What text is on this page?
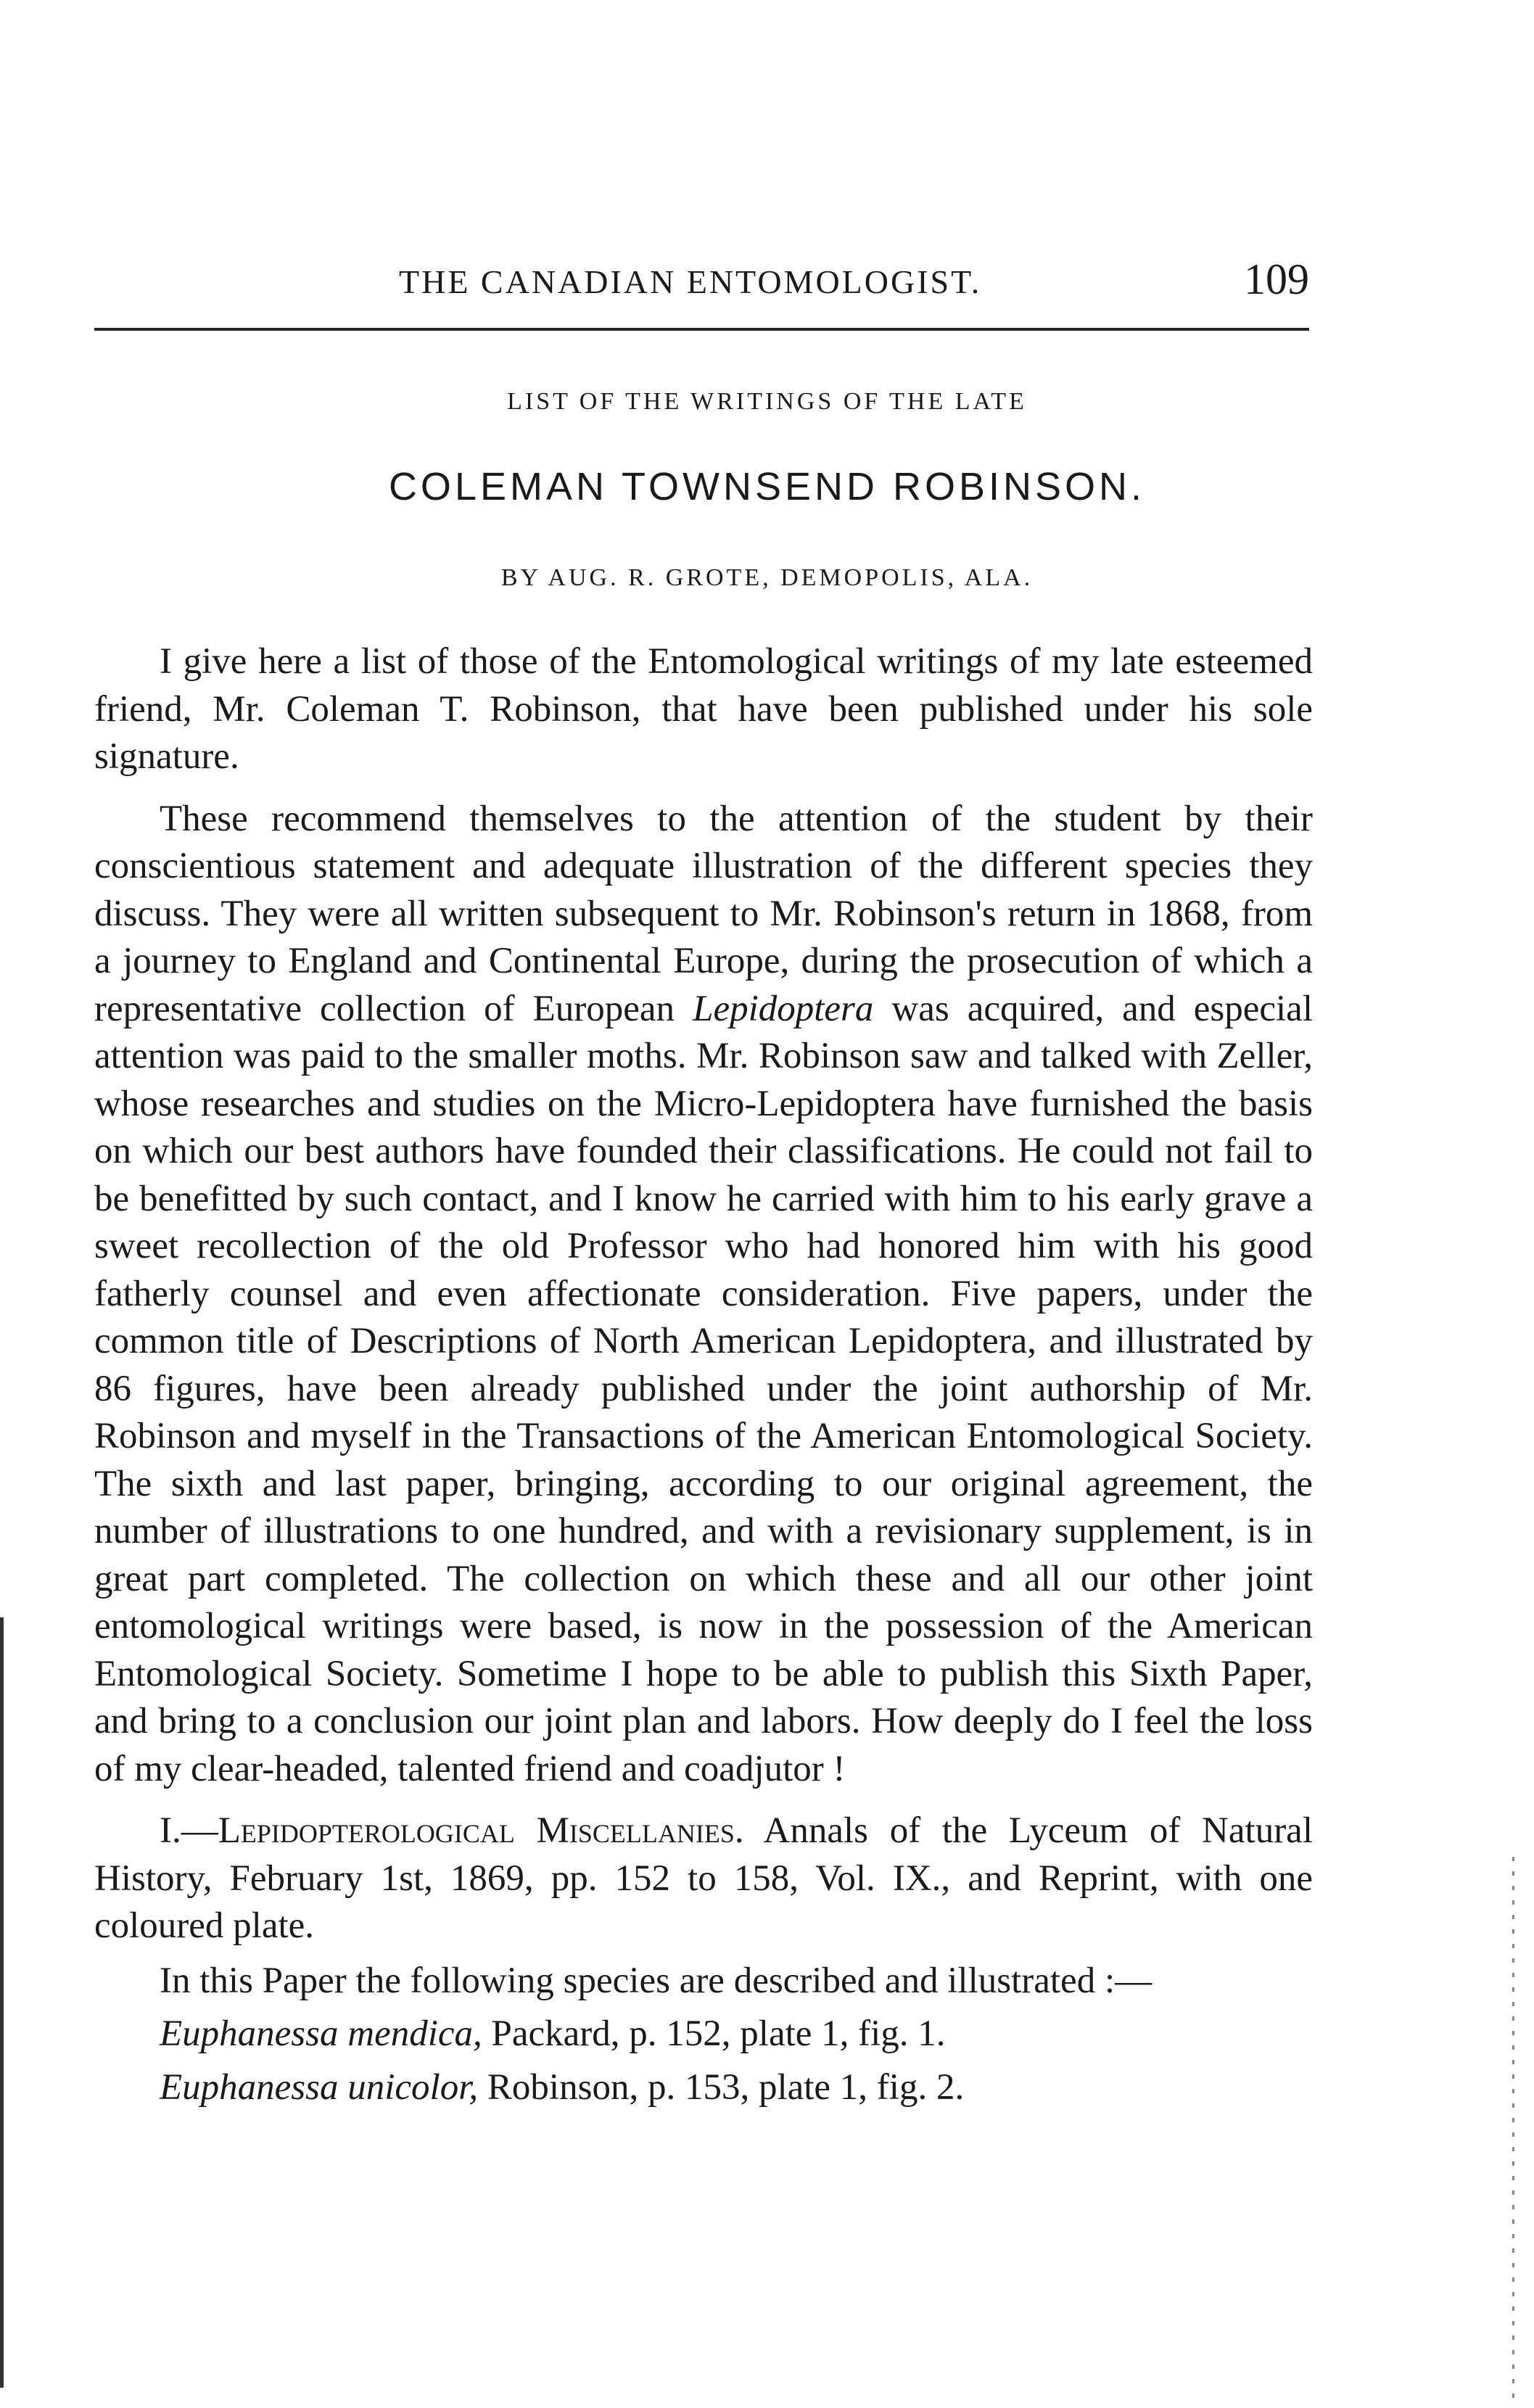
THE CANADIAN ENTOMOLOGIST.	109
LIST OF THE WRITINGS OF THE LATE
COLEMAN TOWNSEND ROBINSON.
BY AUG. R. GROTE, DEMOPOLIS, ALA.

I give here a list of those of the Entomological writings of my late esteemed friend, Mr. Coleman T. Robinson, that have been published under his sole signature.

These recommend themselves to the attention of the student by their conscientious statement and adequate illustration of the different species they discuss. They were all written subsequent to Mr. Robinson's return in 1868, from a journey to England and Continental Europe, during the prosecution of which a representative collection of European Lepidoptera was acquired, and especial attention was paid to the smaller moths. Mr. Robinson saw and talked with Zeller, whose researches and studies on the Micro-Lepidoptera have furnished the basis on which our best authors have founded their classifications. He could not fail to be benefitted by such contact, and I know he carried with him to his early grave a sweet recollection of the old Professor who had honored him with his good fatherly counsel and even affectionate consideration. Five papers, under the common title of Descriptions of North American Lepidoptera, and illustrated by 86 figures, have been already published under the joint authorship of Mr. Robinson and myself in the Transactions of the American Entomological Society. The sixth and last paper, bringing, according to our original agreement, the number of illustrations to one hundred, and with a revisionary supplement, is in great part completed. The collection on which these and all our other joint entomological writings were based, is now in the possession of the American Entomological Society. Sometime I hope to be able to publish this Sixth Paper, and bring to a conclusion our joint plan and labors. How deeply do I feel the loss of my clear-headed, talented friend and coadjutor !

I.—Lepidopterological Miscellanies. Annals of the Lyceum of Natural History, February 1st, 1869, pp. 152 to 158, Vol. IX., and Reprint, with one coloured plate.

In this Paper the following species are described and illustrated :—

Euphanessa mendica, Packard, p. 152, plate 1, fig. 1.

Euphanessa unicolor, Robinson, p. 153, plate 1, fig. 2.
